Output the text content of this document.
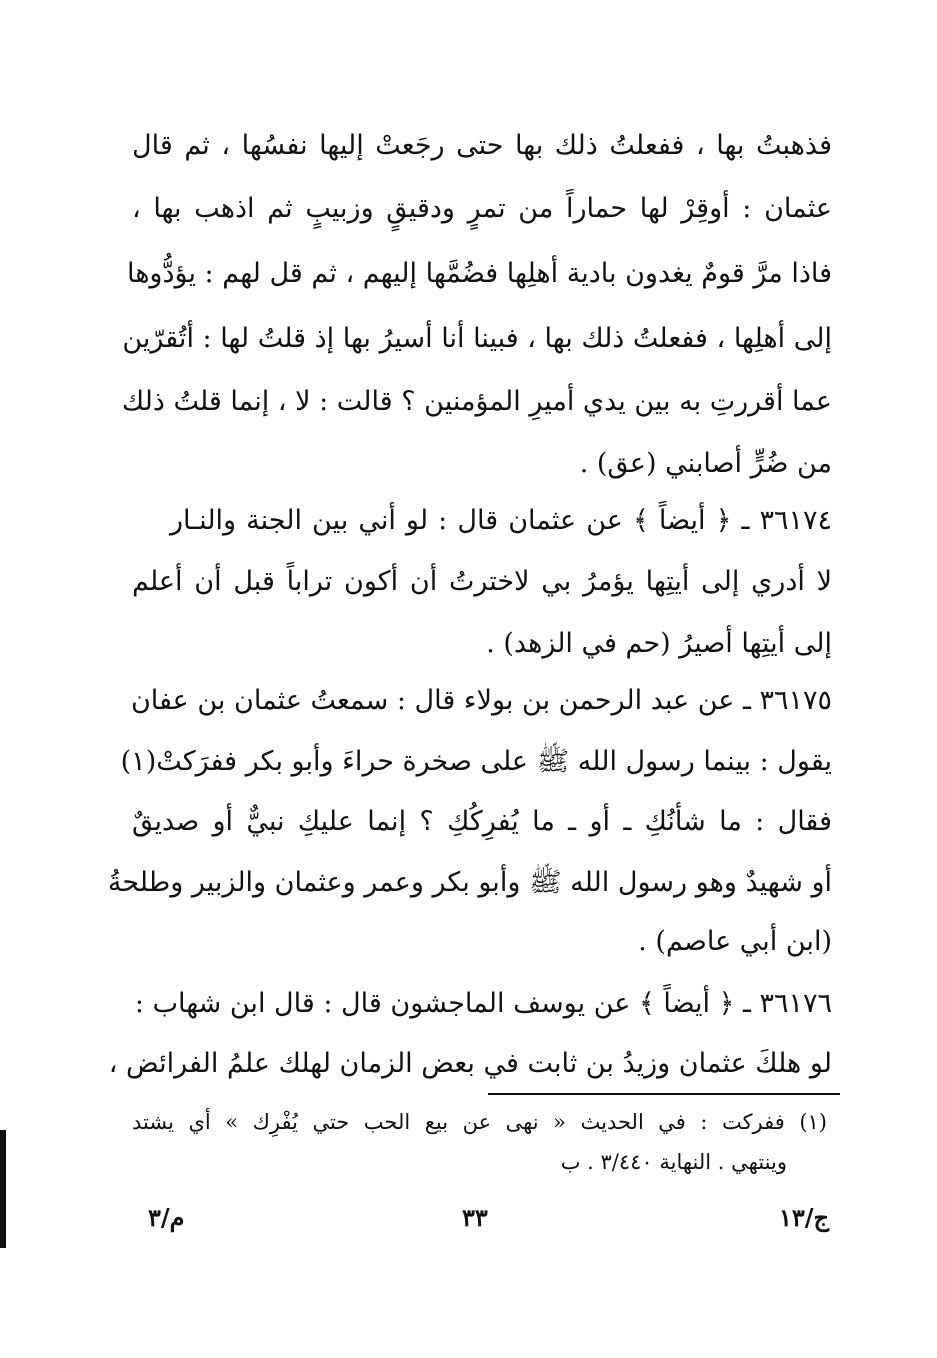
فذهبتُ بها ، ففعلتُ ذلك بها حتى رجَعتْ إليها نفسُها ، ثم قال
عثمان : أوقِرْ لها حماراً من تمرٍ ودقيقٍ وزبيبٍ ثم اذهب بها ،
فاذا مرَّ قومٌ يغدون بادية أهلِها فضُمَّها إليهم ، ثم قل لهم : يؤدُّوها
إلى أهلِها ، ففعلتُ ذلك بها ، فبينا أنا أسيرُ بها إذ قلتُ لها : أتُقرّين
عما أقررتِ به بين يدي أميرِ المؤمنين ؟ قالت : لا ، إنما قلتُ ذلك
من ضُرٍّ أصابني (عق) .
٣٦١٧٤ ـ ﴿ أيضاً ﴾ عن عثمان قال : لو أني بين الجنة والنـار
لا أدري إلى أيتِها يؤمرُ بي لاخترتُ أن أكون تراباً قبل أن أعلم
إلى أيتِها أصيرُ (حم في الزهد) .
٣٦١٧٥ ـ عن عبد الرحمن بن بولاء قال : سمعتُ عثمان بن عفان
يقول : بينما رسول الله ﷺ على صخرة حراءَ وأبو بكر ففرَكتْ(١)
فقال : ما شأنُكِ ـ أو ـ ما يُفرِكُكِ ؟ إنما عليكِ نبيٌّ أو صديقٌ
أو شهيدٌ وهو رسول الله ﷺ وأبو بكر وعمر وعثمان والزبير وطلحةُ
(ابن أبي عاصم) .
٣٦١٧٦ ـ ﴿ أيضاً ﴾ عن يوسف الماجشون قال : قال ابن شهاب :
لو هلكَ عثمان وزيدُ بن ثابت في بعض الزمان لهلك علمُ الفرائض ،
(١) ففركت : في الحديث « نهى عن بيع الحب حتي يُفْرِك » أي يشتد
وينتهي . النهاية ٣/٤٤٠ . ب
ج/١٣
٣٣
م/٣
